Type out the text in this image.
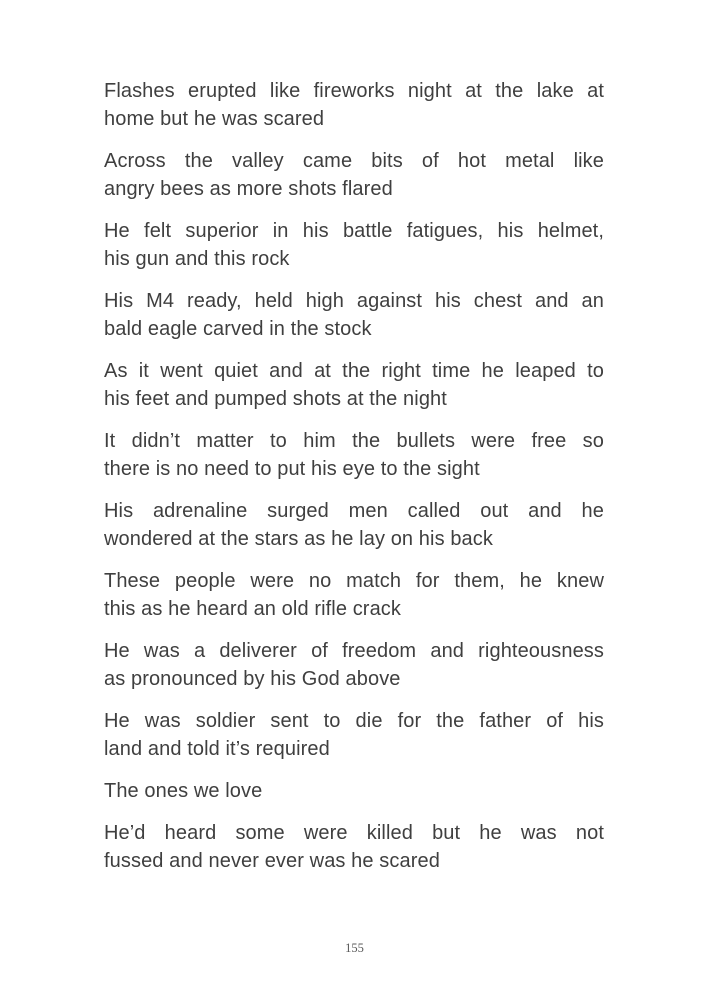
Flashes erupted like fireworks night at the lake at
home but he was scared

Across the valley came bits of hot metal like
angry bees as more shots flared

He felt superior in his battle fatigues, his helmet,
his gun and this rock

His M4 ready, held high against his chest and an
bald eagle carved in the stock

As it went quiet and at the right time he leaped to
his feet and pumped shots at the night

It didn’t matter to him the bullets were free so
there is no need to put his eye to the sight

His adrenaline surged men called out and he
wondered at the stars as he lay on his back

These people were no match for them, he knew
this as he heard an old rifle crack

He was a deliverer of freedom and righteousness
as pronounced by his God above

He was soldier sent to die for the father of his
land and told it’s required

The ones we love

He’d heard some were killed but he was not
fussed and never ever was he scared

155
